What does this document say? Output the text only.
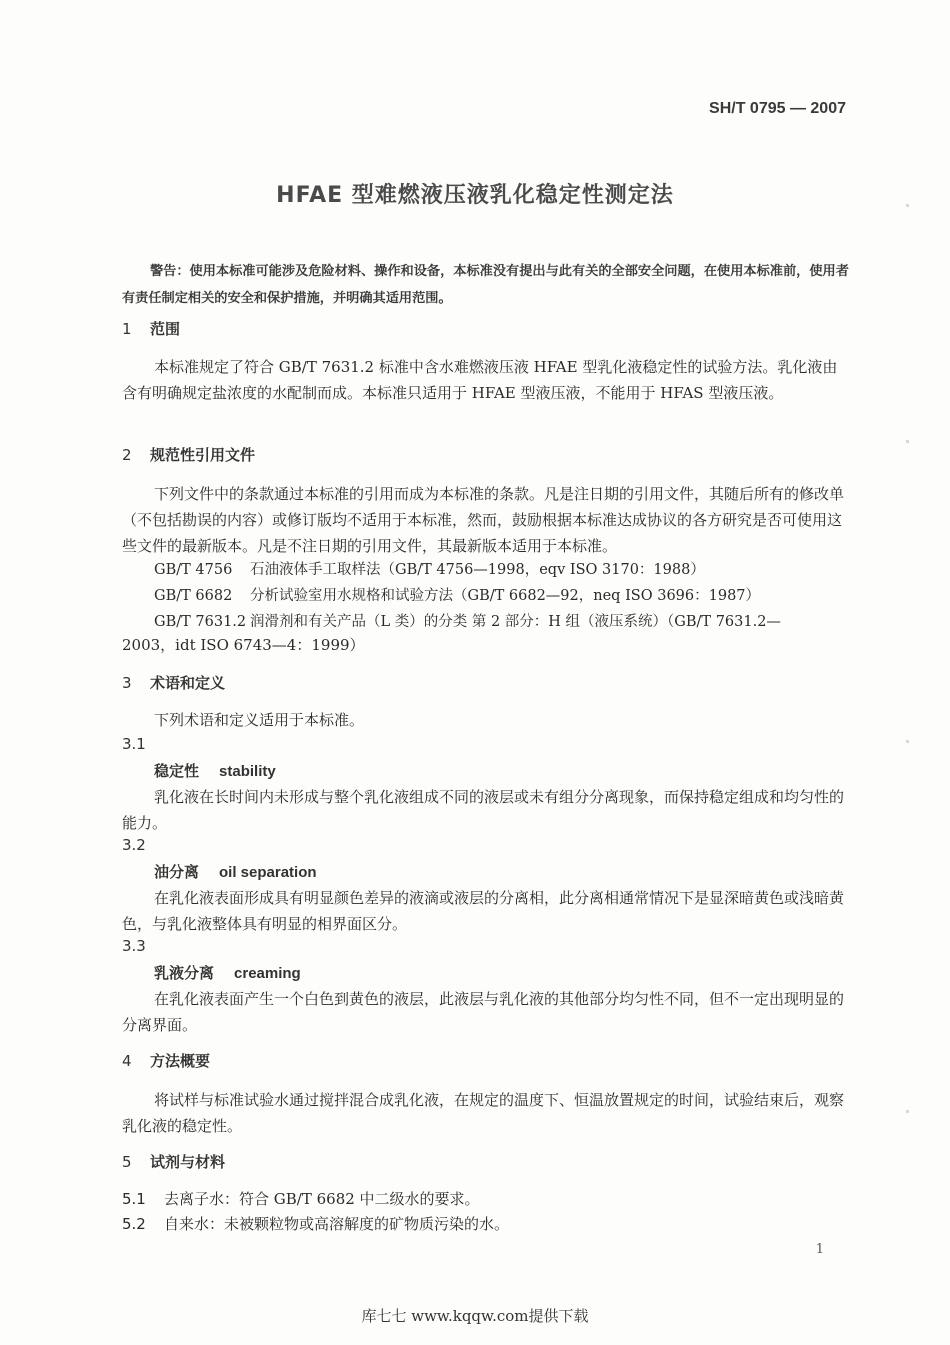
SH/T 0795 — 2007
HFAE 型难燃液压液乳化稳定性测定法
警告：使用本标准可能涉及危险材料、操作和设备，本标准没有提出与此有关的全部安全问题，在使用本标准前，使用者有责任制定相关的安全和保护措施，并明确其适用范围。
1 范围
本标准规定了符合 GB/T 7631.2 标准中含水难燃液压液 HFAE 型乳化液稳定性的试验方法。乳化液由含有明确规定盐浓度的水配制而成。本标准只适用于 HFAE 型液压液，不能用于 HFAS 型液压液。
2 规范性引用文件
下列文件中的条款通过本标准的引用而成为本标准的条款。凡是注日期的引用文件，其随后所有的修改单（不包括勘误的内容）或修订版均不适用于本标准，然而，鼓励根据本标准达成协议的各方研究是否可使用这些文件的最新版本。凡是不注日期的引用文件，其最新版本适用于本标准。
GB/T 4756 石油液体手工取样法（GB/T 4756—1998，eqv ISO 3170：1988）
GB/T 6682 分析试验室用水规格和试验方法（GB/T 6682—92，neq ISO 3696：1987）
GB/T 7631.2 润滑剂和有关产品（L 类）的分类 第 2 部分：H 组（液压系统）（GB/T 7631.2—
2003，idt ISO 6743—4：1999）
3 术语和定义
下列术语和定义适用于本标准。
3.1
稳定性 stability
乳化液在长时间内未形成与整个乳化液组成不同的液层或未有组分分离现象，而保持稳定组成和均匀性的能力。
3.2
油分离 oil separation
在乳化液表面形成具有明显颜色差异的液滴或液层的分离相，此分离相通常情况下是显深暗黄色或浅暗黄色，与乳化液整体具有明显的相界面区分。
3.3
乳液分离 creaming
在乳化液表面产生一个白色到黄色的液层，此液层与乳化液的其他部分均匀性不同，但不一定出现明显的分离界面。
4 方法概要
将试样与标准试验水通过搅拌混合成乳化液，在规定的温度下、恒温放置规定的时间，试验结束后，观察乳化液的稳定性。
5 试剂与材料
5.1 去离子水：符合 GB/T 6682 中二级水的要求。
5.2 自来水：未被颗粒物或高溶解度的矿物质污染的水。
1
库七七 www.kqqw.com提供下载
